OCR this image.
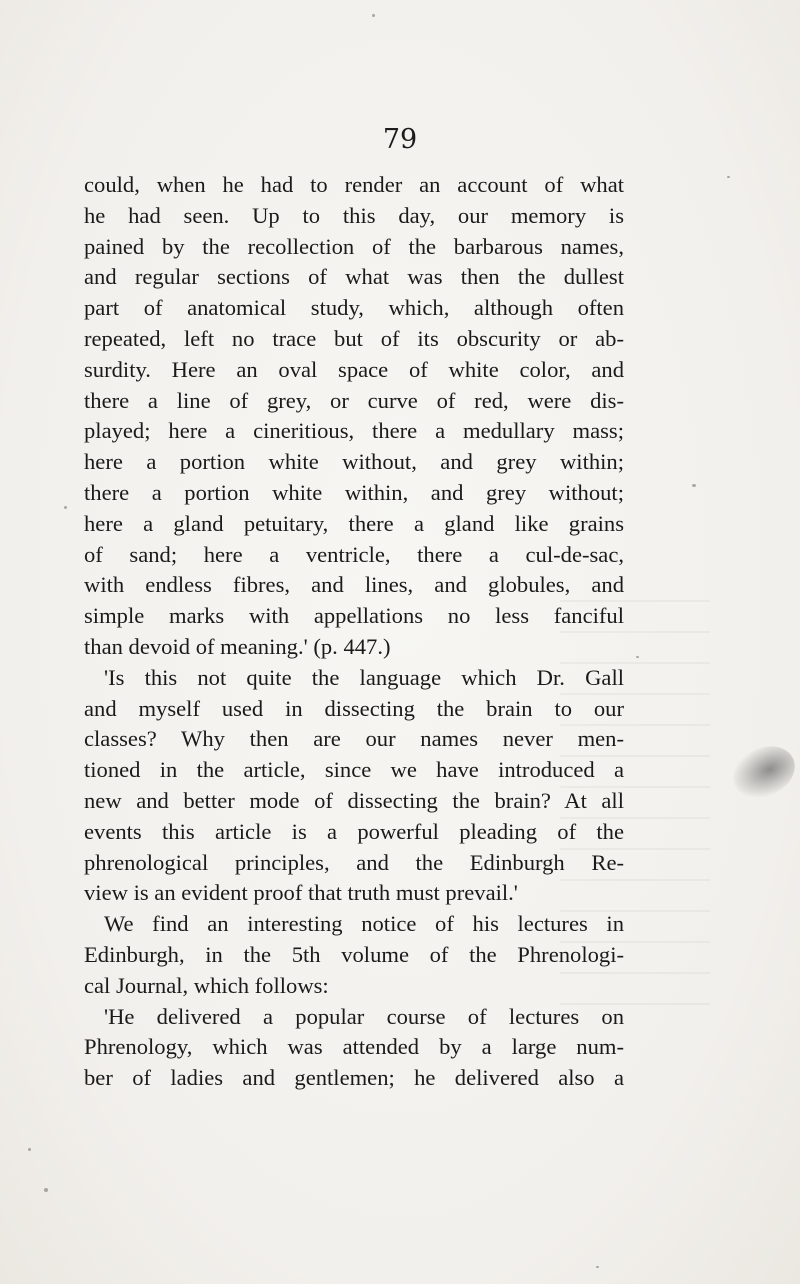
79
could, when he had to render an account of what
he had seen. Up to this day, our memory is
pained by the recollection of the barbarous names,
and regular sections of what was then the dullest
part of anatomical study, which, although often
repeated, left no trace but of its obscurity or ab-
surdity. Here an oval space of white color, and
there a line of grey, or curve of red, were dis-
played; here a cineritious, there a medullary mass;
here a portion white without, and grey within;
there a portion white within, and grey without;
here a gland petuitary, there a gland like grains
of sand; here a ventricle, there a cul-de-sac,
with endless fibres, and lines, and globules, and
simple marks with appellations no less fanciful
than devoid of meaning.' (p. 447.)
'Is this not quite the language which Dr. Gall
and myself used in dissecting the brain to our
classes? Why then are our names never men-
tioned in the article, since we have introduced a
new and better mode of dissecting the brain? At all
events this article is a powerful pleading of the
phrenological principles, and the Edinburgh Re-
view is an evident proof that truth must prevail.'
We find an interesting notice of his lectures in
Edinburgh, in the 5th volume of the Phrenologi-
cal Journal, which follows:
'He delivered a popular course of lectures on
Phrenology, which was attended by a large num-
ber of ladies and gentlemen; he delivered also a
